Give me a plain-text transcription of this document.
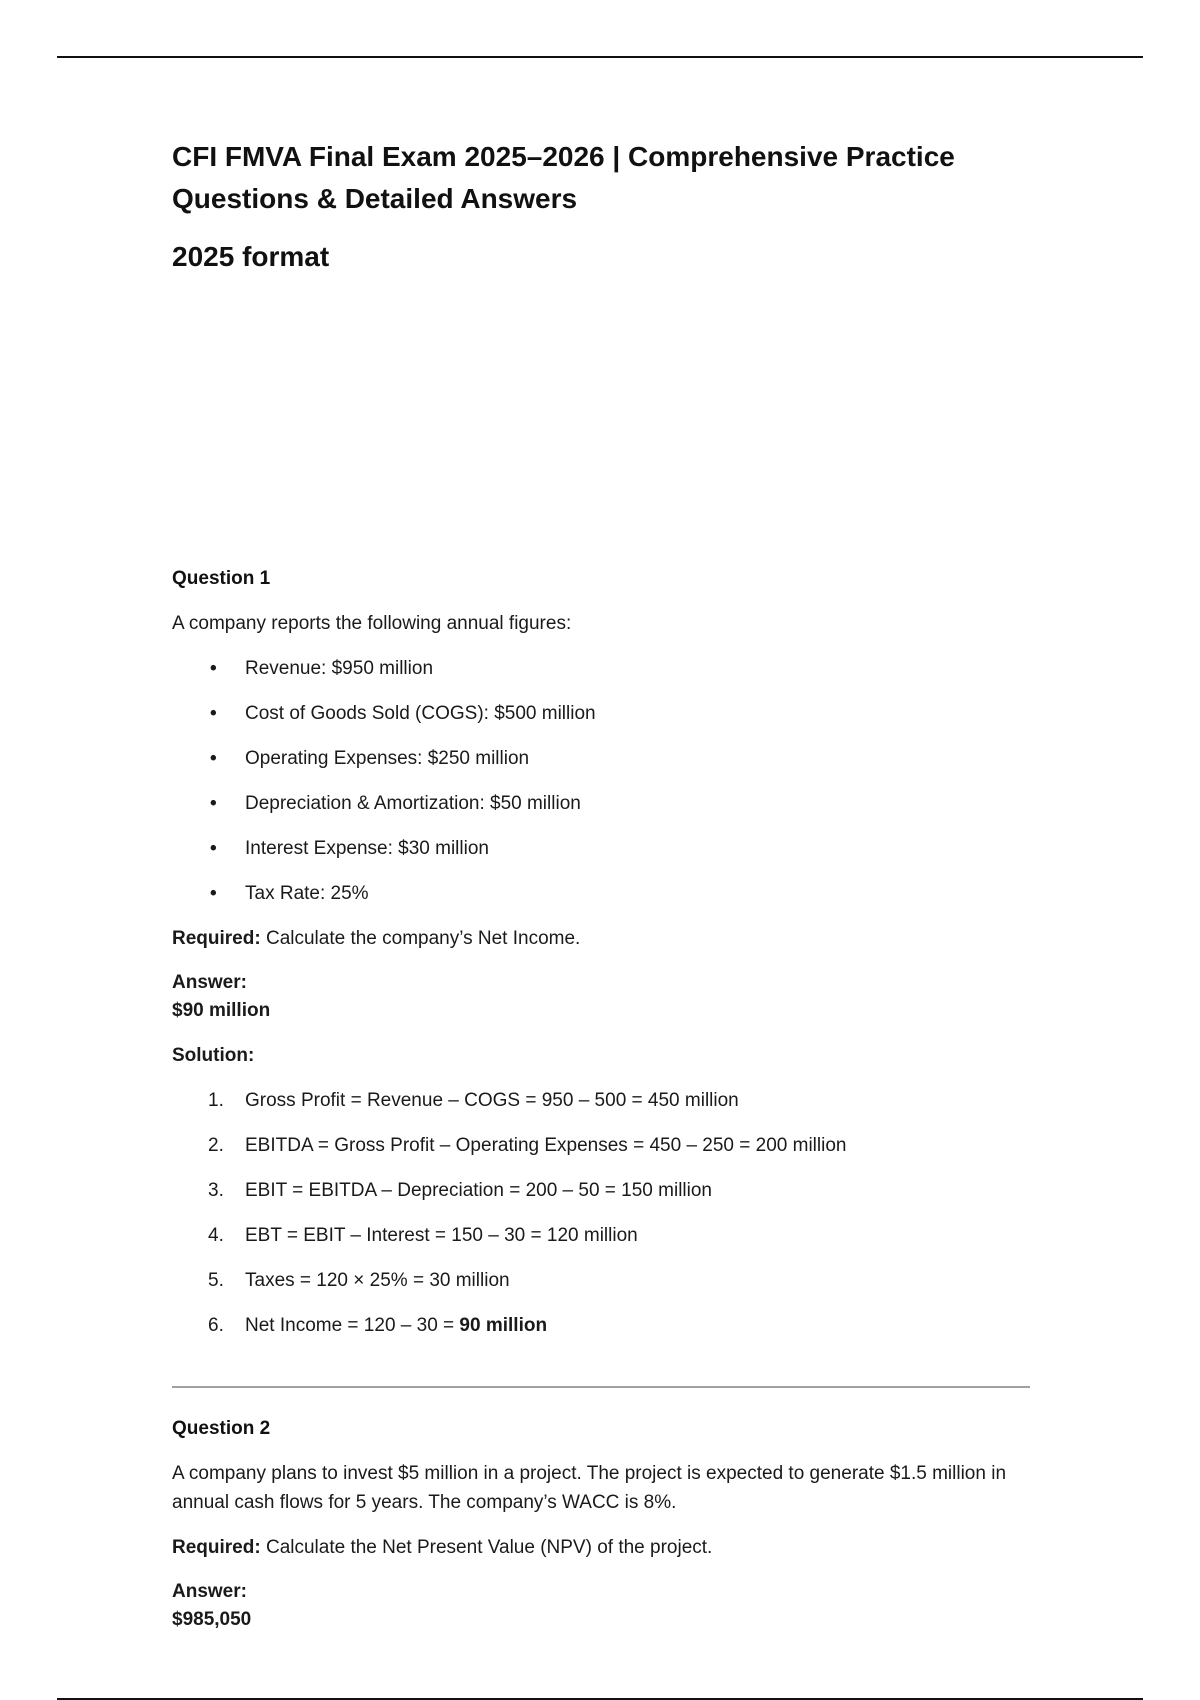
CFI FMVA Final Exam 2025–2026 | Comprehensive Practice Questions & Detailed Answers
2025 format
Question 1
A company reports the following annual figures:
• Revenue: $950 million
• Cost of Goods Sold (COGS): $500 million
• Operating Expenses: $250 million
• Depreciation & Amortization: $50 million
• Interest Expense: $30 million
• Tax Rate: 25%
Required: Calculate the company’s Net Income.
Answer:
$90 million
Solution:
1. Gross Profit = Revenue – COGS = 950 – 500 = 450 million
2. EBITDA = Gross Profit – Operating Expenses = 450 – 250 = 200 million
3. EBIT = EBITDA – Depreciation = 200 – 50 = 150 million
4. EBT = EBIT – Interest = 150 – 30 = 120 million
5. Taxes = 120 × 25% = 30 million
6. Net Income = 120 – 30 = 90 million
Question 2
A company plans to invest $5 million in a project. The project is expected to generate $1.5 million in annual cash flows for 5 years. The company’s WACC is 8%.
Required: Calculate the Net Present Value (NPV) of the project.
Answer:
$985,050
